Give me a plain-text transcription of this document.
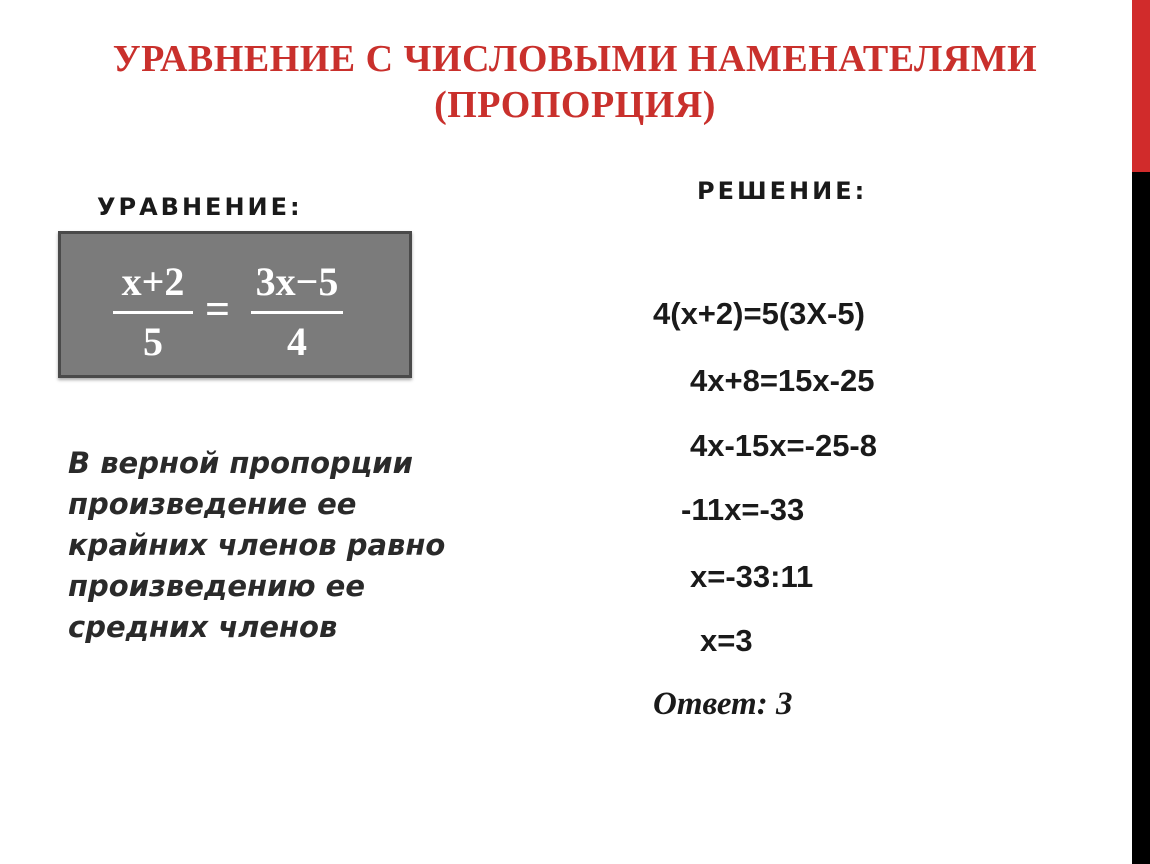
УРАВНЕНИЕ С ЧИСЛОВЫМИ НАМЕНАТЕЛЯМИ
(ПРОПОРЦИЯ)
УРАВНЕНИЕ:
РЕШЕНИЕ:
x+2
5
=
3x−5
4
В верной пропорции
произведение ее
крайних членов равно
произведению ее
средних членов
4(x+2)=5(3X-5)
4x+8=15x-25
4x-15x=-25-8
-11x=-33
x=-33:11
x=3
Ответ: 3
